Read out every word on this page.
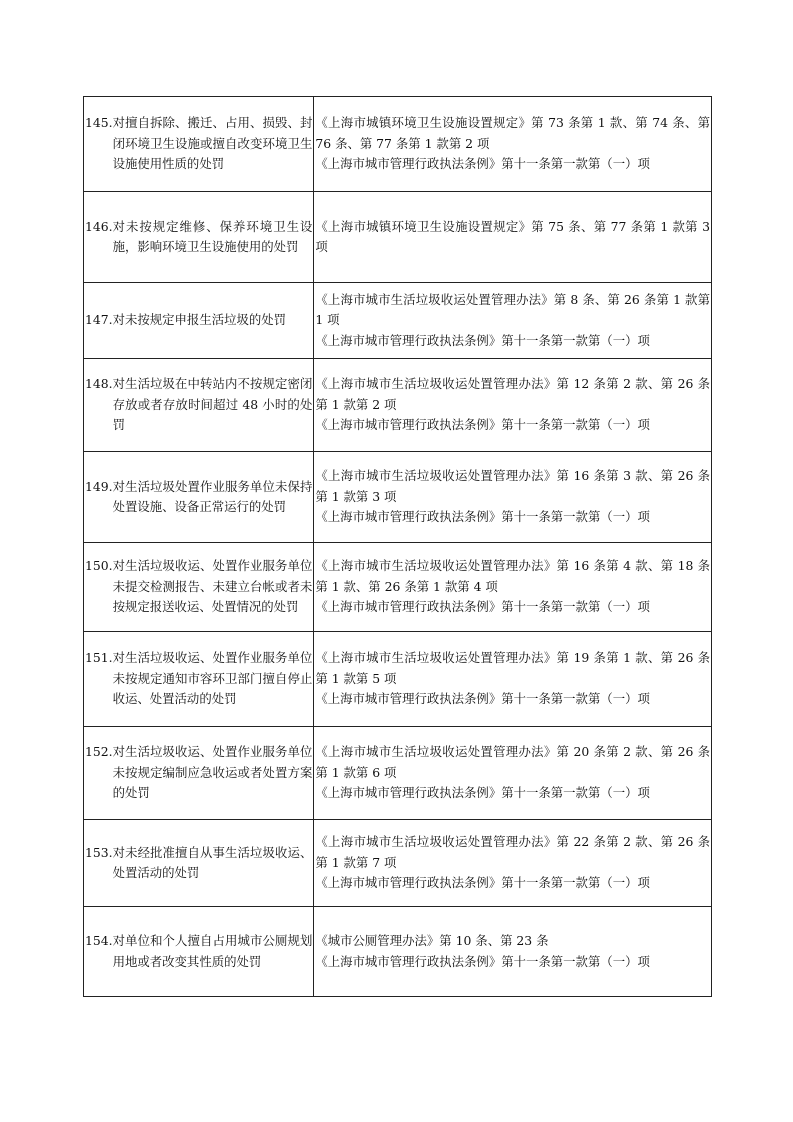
145. 对擅自拆除、搬迁、占用、损毁、封闭环境卫生设施或擅自改变环境卫生设施使用性质的处罚	《上海市城镇环境卫生设施设置规定》第 73 条第 1 款、第 74 条、第 76 条、第 77 条第 1 款第 2 项
《上海市城市管理行政执法条例》第十一条第一款第（一）项

146. 对未按规定维修、保养环境卫生设施，影响环境卫生设施使用的处罚	《上海市城镇环境卫生设施设置规定》第 75 条、第 77 条第 1 款第 3 项

147. 对未按规定申报生活垃圾的处罚	《上海市城市生活垃圾收运处置管理办法》第 8 条、第 26 条第 1 款第 1 项
《上海市城市管理行政执法条例》第十一条第一款第（一）项

148. 对生活垃圾在中转站内不按规定密闭存放或者存放时间超过 48 小时的处罚	《上海市城市生活垃圾收运处置管理办法》第 12 条第 2 款、第 26 条第 1 款第 2 项
《上海市城市管理行政执法条例》第十一条第一款第（一）项

149. 对生活垃圾处置作业服务单位未保持处置设施、设备正常运行的处罚	《上海市城市生活垃圾收运处置管理办法》第 16 条第 3 款、第 26 条第 1 款第 3 项
《上海市城市管理行政执法条例》第十一条第一款第（一）项

150. 对生活垃圾收运、处置作业服务单位未提交检测报告、未建立台帐或者未按规定报送收运、处置情况的处罚	《上海市城市生活垃圾收运处置管理办法》第 16 条第 4 款、第 18 条第 1 款、第 26 条第 1 款第 4 项
《上海市城市管理行政执法条例》第十一条第一款第（一）项

151. 对生活垃圾收运、处置作业服务单位未按规定通知市容环卫部门擅自停止收运、处置活动的处罚	《上海市城市生活垃圾收运处置管理办法》第 19 条第 1 款、第 26 条第 1 款第 5 项
《上海市城市管理行政执法条例》第十一条第一款第（一）项

152. 对生活垃圾收运、处置作业服务单位未按规定编制应急收运或者处置方案的处罚	《上海市城市生活垃圾收运处置管理办法》第 20 条第 2 款、第 26 条第 1 款第 6 项
《上海市城市管理行政执法条例》第十一条第一款第（一）项

153. 对未经批准擅自从事生活垃圾收运、处置活动的处罚	《上海市城市生活垃圾收运处置管理办法》第 22 条第 2 款、第 26 条第 1 款第 7 项
《上海市城市管理行政执法条例》第十一条第一款第（一）项

154. 对单位和个人擅自占用城市公厕规划用地或者改变其性质的处罚	《城市公厕管理办法》第 10 条、第 23 条
《上海市城市管理行政执法条例》第十一条第一款第（一）项
